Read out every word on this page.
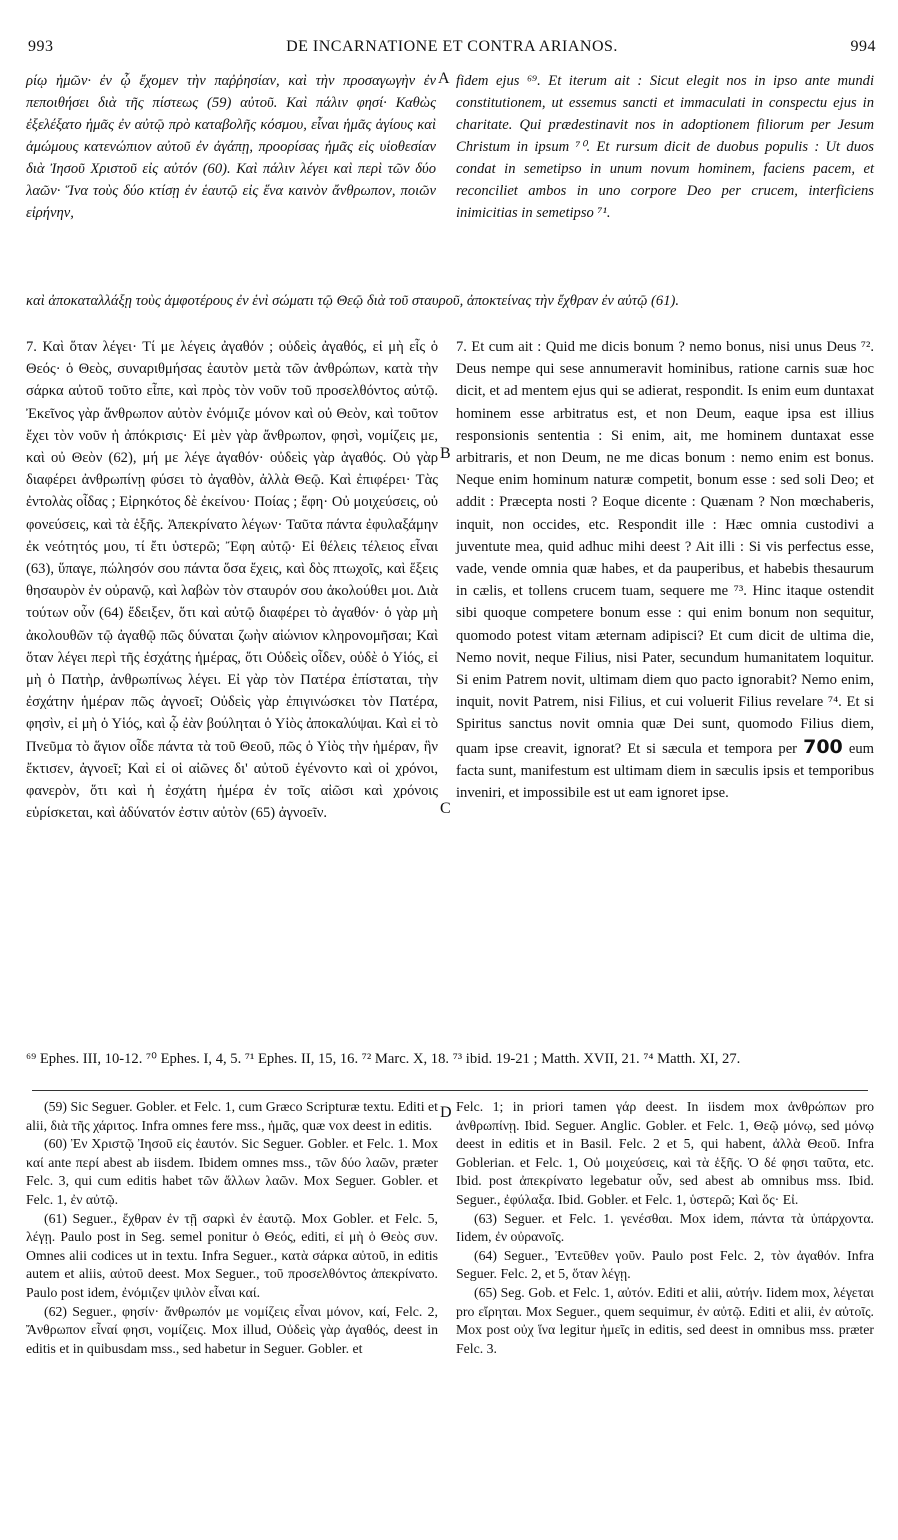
993	DE INCARNATIONE ET CONTRA ARIANOS.	994
A
B
C
D

ρίῳ ἡμῶν· ἐν ᾧ ἔχομεν τὴν παῤῥησίαν, καὶ τὴν προσαγωγὴν ἐν πεποιθήσει διὰ τῆς πίστεως (59) αὐτοῦ. Καὶ πάλιν φησί· Καθὼς ἐξελέξατο ἡμᾶς ἐν αὐτῷ πρὸ καταβολῆς κόσμου, εἶναι ἡμᾶς ἁγίους καὶ ἀμώμους κατενώπιον αὐτοῦ ἐν ἀγάπῃ, προορίσας ἡμᾶς εἰς υἱοθεσίαν διὰ Ἰησοῦ Χριστοῦ εἰς αὐτόν (60). Καὶ πάλιν λέγει καὶ περὶ τῶν δύο λαῶν· Ἵνα τοὺς δύο κτίσῃ ἐν ἑαυτῷ εἰς ἕνα καινὸν ἄνθρωπον, ποιῶν εἰρήνην,

fidem ejus ⁶⁹. Et iterum ait : Sicut elegit nos in ipso ante mundi constitutionem, ut essemus sancti et immaculati in conspectu ejus in charitate. Qui prædestinavit nos in adoptionem filiorum per Jesum Christum in ipsum ⁷⁰. Et rursum dicit de duobus populis : Ut duos condat in semetipso in unum novum hominem, faciens pacem, et reconciliet ambos in uno corpore Deo per crucem, interficiens inimicitias in semetipso ⁷¹.

καὶ ἀποκαταλλάξῃ τοὺς ἀμφοτέρους ἐν ἑνὶ σώματι τῷ Θεῷ διὰ τοῦ σταυροῦ, ἀποκτείνας τὴν ἔχθραν ἐν αὐτῷ (61).

7. Καὶ ὅταν λέγει· Τί με λέγεις ἀγαθόν ; οὐδεὶς ἀγαθός, εἰ μὴ εἷς ὁ Θεός· ὁ Θεὸς, συναριθμήσας ἑαυτὸν μετὰ τῶν ἀνθρώπων, κατὰ τὴν σάρκα αὐτοῦ τοῦτο εἶπε, καὶ πρὸς τὸν νοῦν τοῦ προσελθόντος αὐτῷ. Ἐκεῖνος γὰρ ἄνθρωπον αὐτὸν ἐνόμιζε μόνον καὶ οὐ Θεὸν, καὶ τοῦτον ἔχει τὸν νοῦν ἡ ἀπόκρισις· Εἰ μὲν γὰρ ἄνθρωπον, φησὶ, νομίζεις με, καὶ οὐ Θεὸν (62), μή με λέγε ἀγαθόν· οὐδεὶς γὰρ ἀγαθός. Οὐ γὰρ διαφέρει ἀνθρωπίνῃ φύσει τὸ ἀγαθὸν, ἀλλὰ Θεῷ. Καὶ ἐπιφέρει· Τὰς ἐντολὰς οἶδας ; Εἰρηκότος δὲ ἐκείνου· Ποίας ; ἔφη· Οὐ μοιχεύσεις, οὐ φονεύσεις, καὶ τὰ ἑξῆς. Ἀπεκρίνατο λέγων· Ταῦτα πάντα ἐφυλαξάμην ἐκ νεότητός μου, τί ἔτι ὑστερῶ; Ἔφη αὐτῷ· Εἰ θέλεις τέλειος εἶναι (63), ὕπαγε, πώλησόν σου πάντα ὅσα ἔχεις, καὶ δὸς πτωχοῖς, καὶ ἕξεις θησαυρὸν ἐν οὐρανῷ, καὶ λαβὼν τὸν σταυρόν σου ἀκολούθει μοι. Διὰ τούτων οὖν (64) ἔδειξεν, ὅτι καὶ αὐτῷ διαφέρει τὸ ἀγαθόν· ὁ γὰρ μὴ ἀκολουθῶν τῷ ἀγαθῷ πῶς δύναται ζωὴν αἰώνιον κληρονομῆσαι; Καὶ ὅταν λέγει περὶ τῆς ἐσχάτης ἡμέρας, ὅτι Οὐδεὶς οἶδεν, οὐδὲ ὁ Υἱός, εἰ μὴ ὁ Πατὴρ, ἀνθρωπίνως λέγει. Εἰ γὰρ τὸν Πατέρα ἐπίσταται, τὴν ἐσχάτην ἡμέραν πῶς ἀγνοεῖ; Οὐδεὶς γὰρ ἐπιγινώσκει τὸν Πατέρα, φησὶν, εἰ μὴ ὁ Υἱός, καὶ ᾧ ἐὰν βούληται ὁ Υἱὸς ἀποκαλύψαι. Καὶ εἰ τὸ Πνεῦμα τὸ ἅγιον οἶδε πάντα τὰ τοῦ Θεοῦ, πῶς ὁ Υἱὸς τὴν ἡμέραν, ἣν ἔκτισεν, ἀγνοεῖ; Καὶ εἰ οἱ αἰῶνες δι' αὐτοῦ ἐγένοντο καὶ οἱ χρόνοι, φανερὸν, ὅτι καὶ ἡ ἐσχάτη ἡμέρα ἐν τοῖς αἰῶσι καὶ χρόνοις εὑρίσκεται, καὶ ἀδύνατόν ἐστιν αὐτὸν (65) ἀγνοεῖν.

7. Et cum ait : Quid me dicis bonum ? nemo bonus, nisi unus Deus ⁷². Deus nempe qui sese annumeravit hominibus, ratione carnis suæ hoc dicit, et ad mentem ejus qui se adierat, respondit. Is enim eum duntaxat hominem esse arbitratus est, et non Deum, eaque ipsa est illius responsionis sententia : Si enim, ait, me hominem duntaxat esse arbitraris, et non Deum, ne me dicas bonum : nemo enim est bonus. Neque enim hominum naturæ competit, bonum esse : sed soli Deo; et addit : Præcepta nosti ? Eoque dicente : Quænam ? Non mœchaberis, inquit, non occides, etc. Respondit ille : Hæc omnia custodivi a juventute mea, quid adhuc mihi deest ? Ait illi : Si vis perfectus esse, vade, vende omnia quæ habes, et da pauperibus, et habebis thesaurum in cælis, et tollens crucem tuam, sequere me ⁷³. Hinc itaque ostendit sibi quoque competere bonum esse : qui enim bonum non sequitur, quomodo potest vitam æternam adipisci? Et cum dicit de ultima die, Nemo novit, neque Filius, nisi Pater, secundum humanitatem loquitur. Si enim Patrem novit, ultimam diem quo pacto ignorabit? Nemo enim, inquit, novit Patrem, nisi Filius, et cui voluerit Filius revelare ⁷⁴. Et si Spiritus sanctus novit omnia quæ Dei sunt, quomodo Filius diem, quam ipse creavit, ignorat? Et si sæcula et tempora per 700 eum facta sunt, manifestum est ultimam diem in sæculis ipsis et temporibus inveniri, et impossibile est ut eam ignoret ipse.

⁶⁹ Ephes. III, 10-12. ⁷⁰ Ephes. I, 4, 5. ⁷¹ Ephes. II, 15, 16. ⁷² Marc. X, 18. ⁷³ ibid. 19-21 ; Matth. XVII, 21. ⁷⁴ Matth. XI, 27.

(59) Sic Seguer. Gobler. et Felc. 1, cum Græco Scripturæ textu. Editi et alii, διὰ τῆς χάριτος. Infra omnes fere mss., ἡμᾶς, quæ vox deest in editis.

(60) Ἐν Χριστῷ Ἰησοῦ εἰς ἑαυτόν. Sic Seguer. Gobler. et Felc. 1. Mox καί ante περί abest ab iisdem. Ibidem omnes mss., τῶν δύο λαῶν, præter Felc. 3, qui cum editis habet τῶν ἄλλων λαῶν. Mox Seguer. Gobler. et Felc. 1, ἐν αὐτῷ.

(61) Seguer., ἔχθραν ἐν τῇ σαρκὶ ἐν ἑαυτῷ. Mox Gobler. et Felc. 5, λέγῃ. Paulo post in Seg. semel ponitur ὁ Θεός, editi, εἰ μὴ ὁ Θεὸς συν. Omnes alii codices ut in textu. Infra Seguer., κατὰ σάρκα αὐτοῦ, in editis autem et aliis, αὐτοῦ deest. Mox Seguer., τοῦ προσελθόντος ἀπεκρίνατο. Paulo post idem, ἐνόμιζεν ψιλὸν εἶναι καί.

(62) Seguer., φησίν· ἄνθρωπόν με νομίζεις εἶναι μόνον, καί, Felc. 2, Ἄνθρωπον εἶναί φησι, νομίζεις. Mox illud, Οὐδεὶς γὰρ ἀγαθός, deest in editis et in quibusdam mss., sed habetur in Seguer. Gobler. et

Felc. 1; in priori tamen γάρ deest. In iisdem mox ἀνθρώπων pro ἀνθρωπίνῃ. Ibid. Seguer. Anglic. Gobler. et Felc. 1, Θεῷ μόνῳ, sed μόνῳ deest in editis et in Basil. Felc. 2 et 5, qui habent, ἀλλὰ Θεοῦ. Infra Goblerian. et Felc. 1, Οὐ μοιχεύσεις, καὶ τὰ ἑξῆς. Ὁ δέ φησι ταῦτα, etc. Ibid. post ἀπεκρίνατο legebatur οὖν, sed abest ab omnibus mss. Ibid. Seguer., ἐφύλαξα. Ibid. Gobler. et Felc. 1, ὑστερῶ; Καὶ ὅς· Εἰ.

(63) Seguer. et Felc. 1. γενέσθαι. Mox idem, πάντα τὰ ὑπάρχοντα. Iidem, ἐν οὐρανοῖς.

(64) Seguer., Ἐντεῦθεν γοῦν. Paulo post Felc. 2, τὸν ἀγαθόν. Infra Seguer. Felc. 2, et 5, ὅταν λέγῃ.

(65) Seg. Gob. et Felc. 1, αὐτόν. Editi et alii, αὐτήν. Iidem mox, λέγεται pro εἴρηται. Mox Seguer., quem sequimur, ἐν αὐτῷ. Editi et alii, ἐν αὐτοῖς. Mox post οὐχ ἵνα legitur ἡμεῖς in editis, sed deest in omnibus mss. præter Felc. 3.
